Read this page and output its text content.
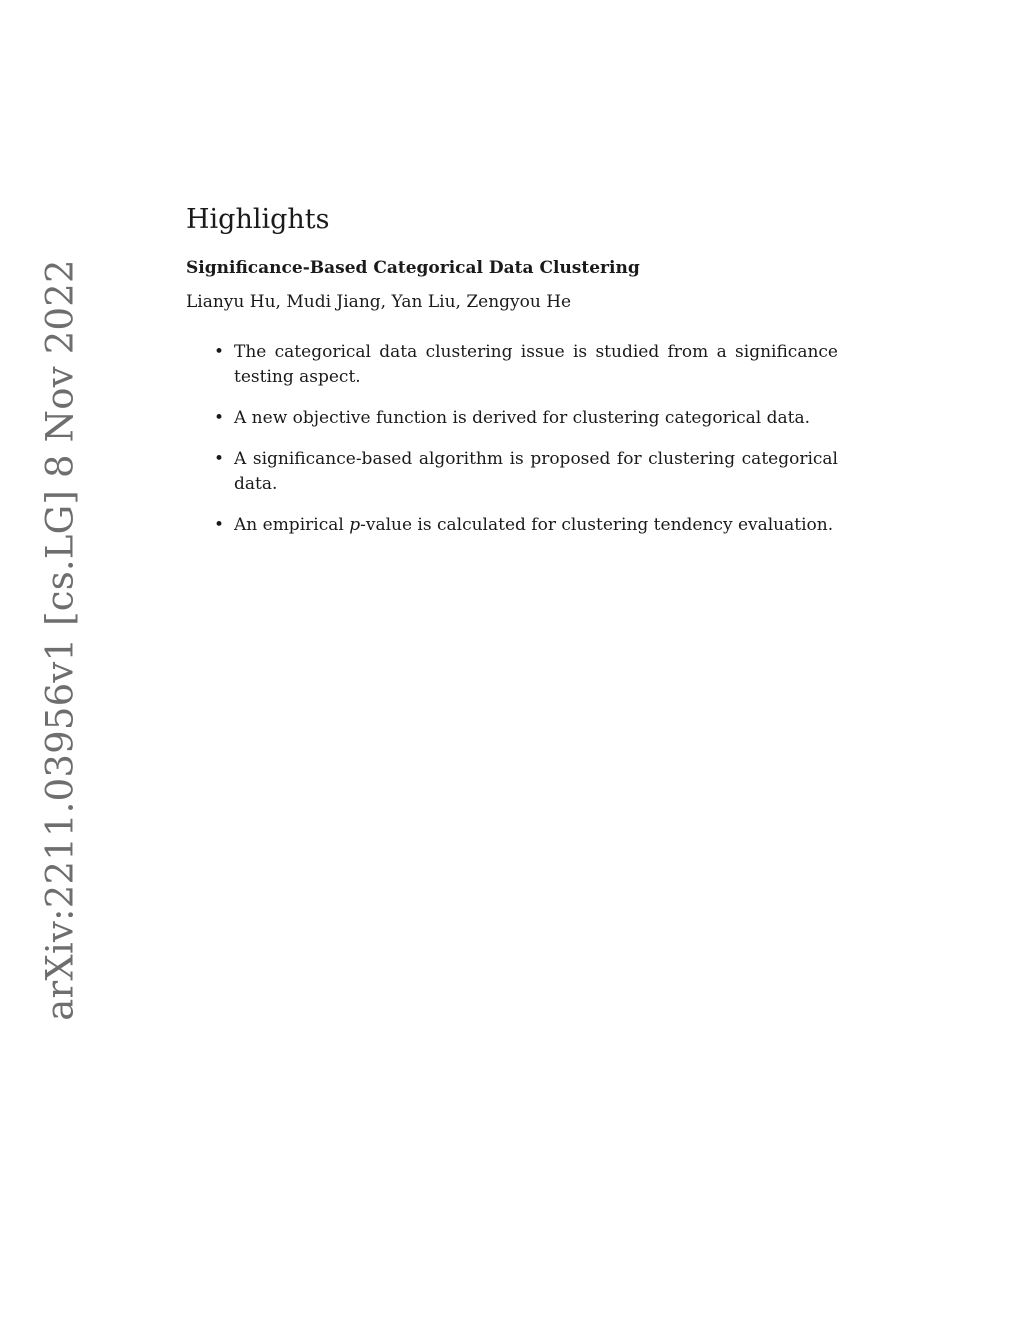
arXiv:2211.03956v1 [cs.LG] 8 Nov 2022
Highlights
Significance-Based Categorical Data Clustering

Lianyu Hu, Mudi Jiang, Yan Liu, Zengyou He

• The categorical data clustering issue is studied from a significance testing aspect.
• A new objective function is derived for clustering categorical data.
• A significance-based algorithm is proposed for clustering categorical data.
• An empirical p-value is calculated for clustering tendency evaluation.
